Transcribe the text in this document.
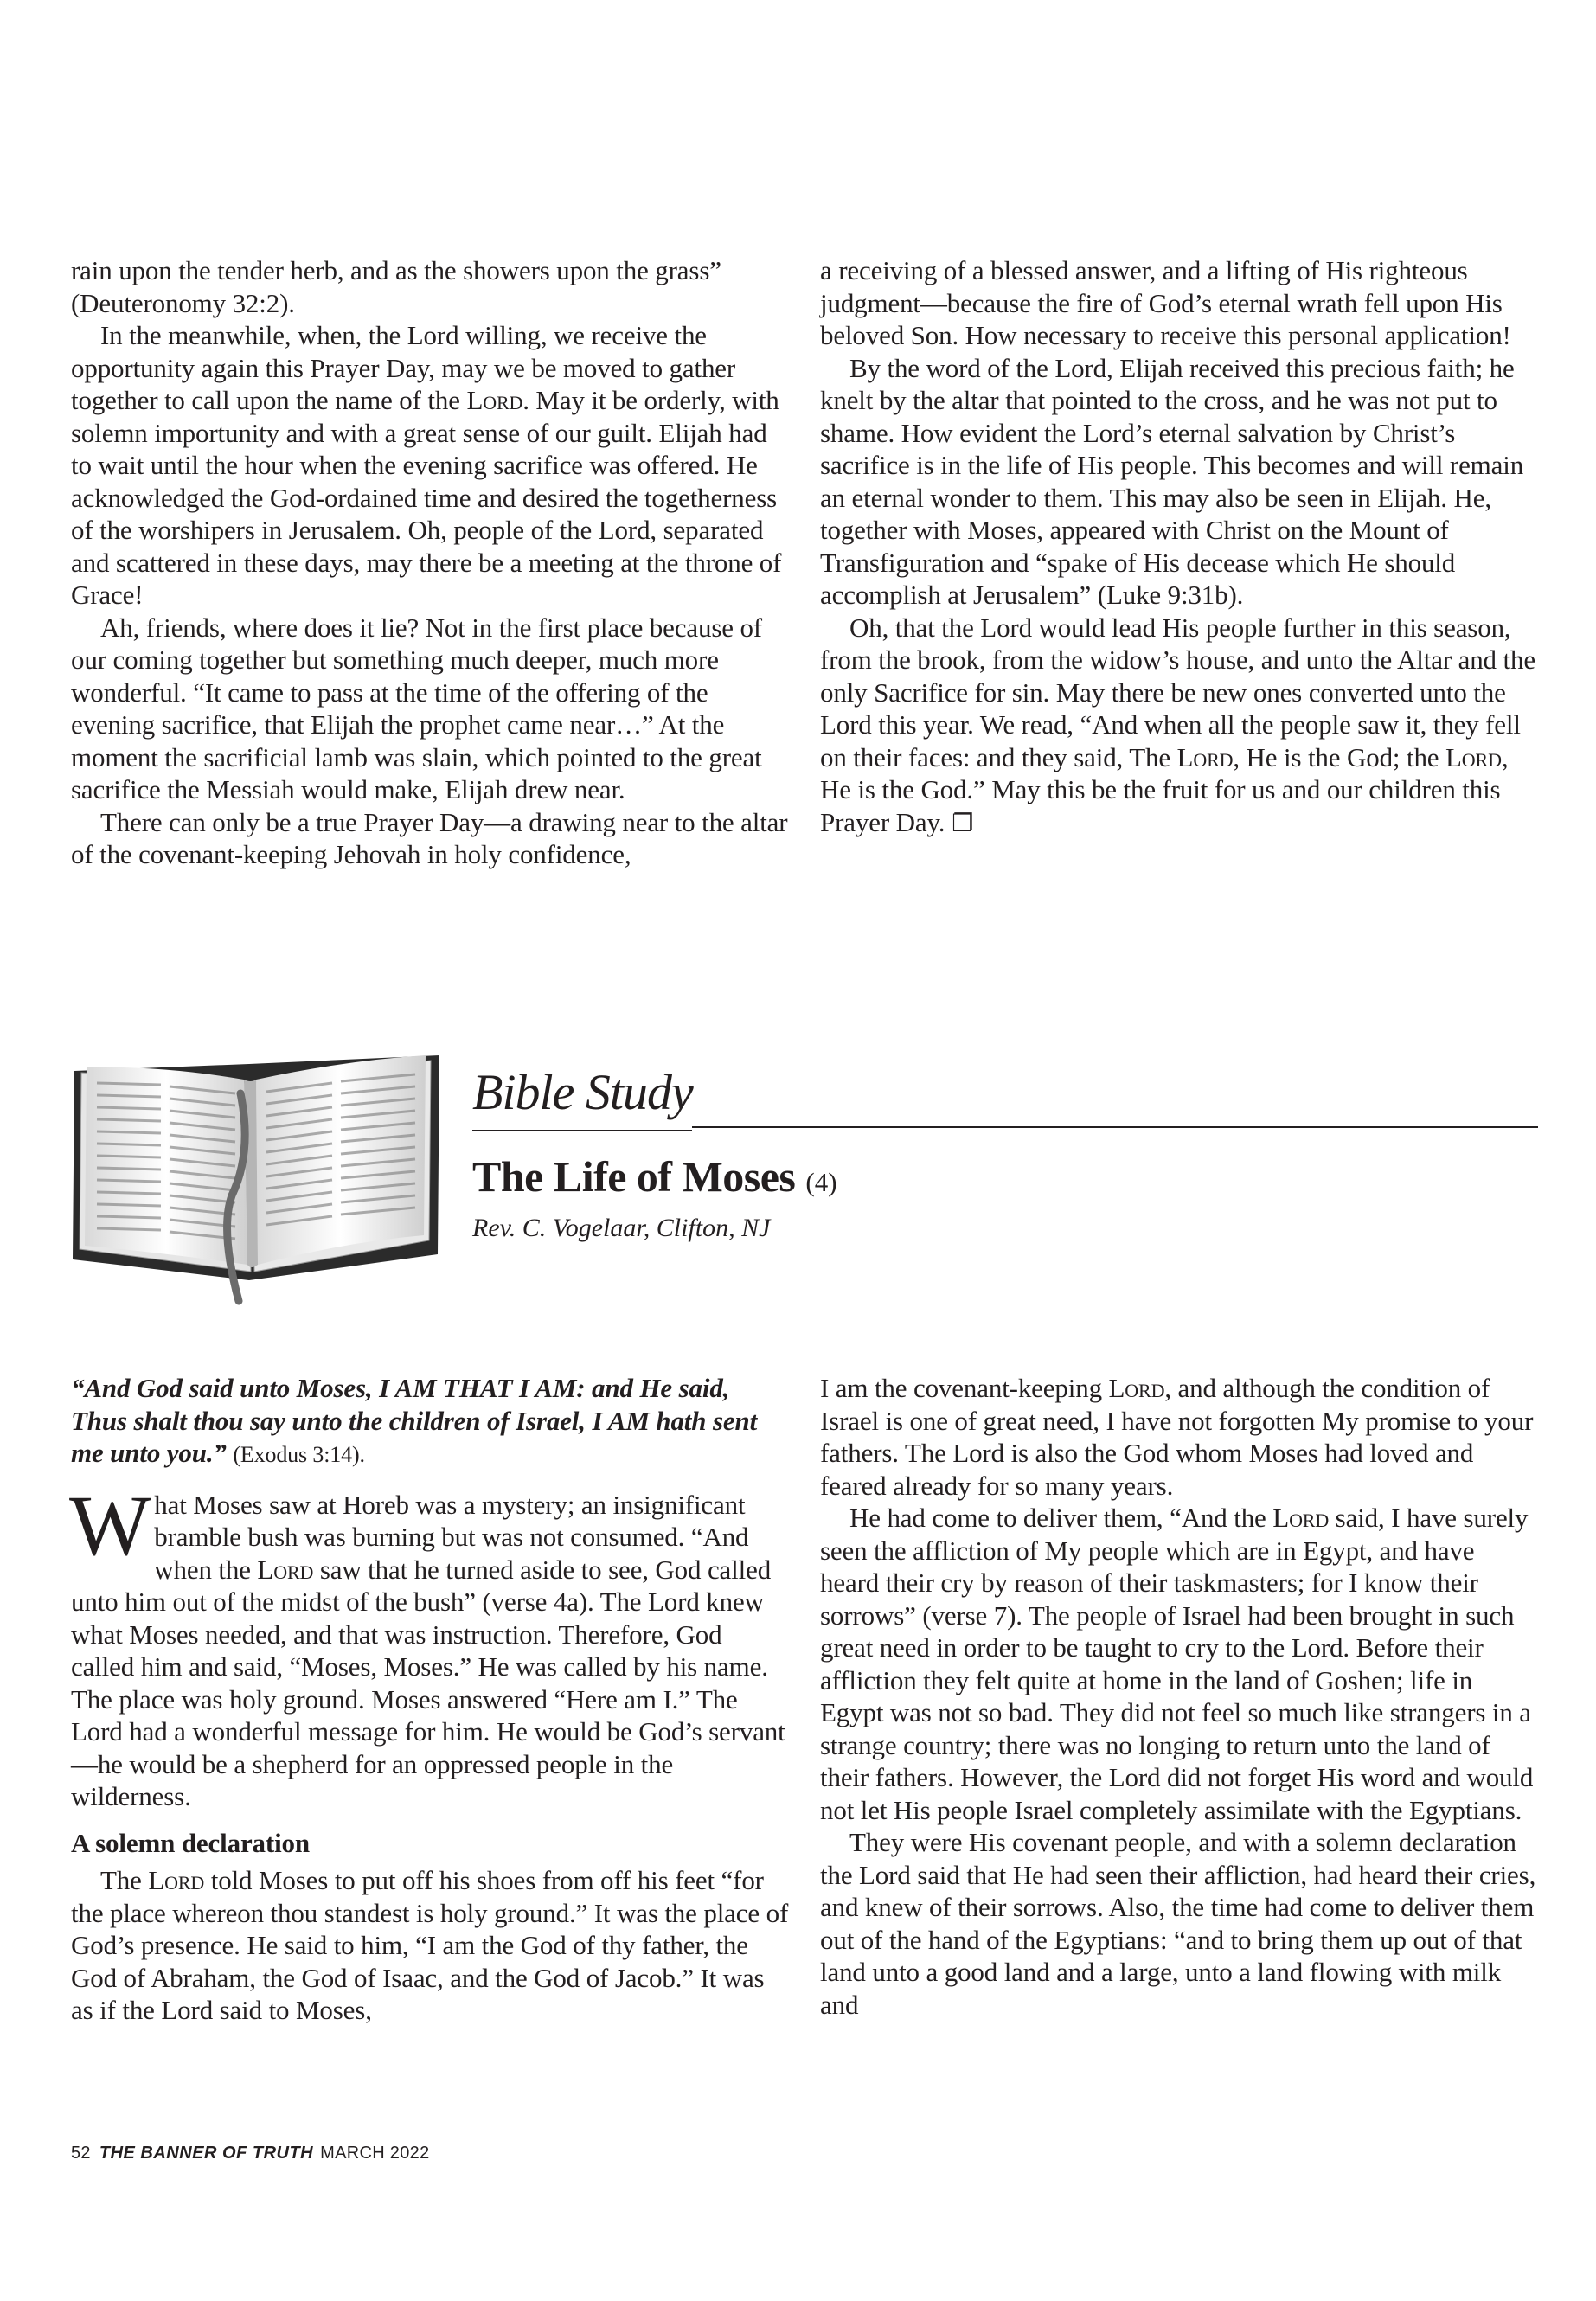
rain upon the tender herb, and as the showers upon the grass” (Deuteronomy 32:2).

In the meanwhile, when, the Lord willing, we receive the opportunity again this Prayer Day, may we be moved to gather together to call upon the name of the Lord. May it be orderly, with solemn importunity and with a great sense of our guilt. Elijah had to wait until the hour when the evening sacrifice was offered. He acknowledged the God-ordained time and desired the togetherness of the worshipers in Jerusalem. Oh, people of the Lord, separated and scattered in these days, may there be a meeting at the throne of Grace!

Ah, friends, where does it lie? Not in the first place because of our coming together but something much deeper, much more wonderful. “It came to pass at the time of the offering of the evening sacrifice, that Elijah the prophet came near…” At the moment the sacrificial lamb was slain, which pointed to the great sacrifice the Messiah would make, Elijah drew near.

There can only be a true Prayer Day—a drawing near to the altar of the covenant-keeping Jehovah in holy confidence,

a receiving of a blessed answer, and a lifting of His righteous judgment—because the fire of God’s eternal wrath fell upon His beloved Son. How necessary to receive this personal application!

By the word of the Lord, Elijah received this precious faith; he knelt by the altar that pointed to the cross, and he was not put to shame. How evident the Lord’s eternal salvation by Christ’s sacrifice is in the life of His people. This becomes and will remain an eternal wonder to them. This may also be seen in Elijah. He, together with Moses, appeared with Christ on the Mount of Transfiguration and “spake of His decease which He should accomplish at Jerusalem” (Luke 9:31b).

Oh, that the Lord would lead His people further in this season, from the brook, from the widow’s house, and unto the Altar and the only Sacrifice for sin. May there be new ones converted unto the Lord this year. We read, “And when all the people saw it, they fell on their faces: and they said, The Lord, He is the God; the Lord, He is the God.” May this be the fruit for us and our children this Prayer Day. ❐

Bible Study
The Life of Moses (4)
Rev. C. Vogelaar, Clifton, NJ

“And God said unto Moses, I AM THAT I AM: and He said, Thus shalt thou say unto the children of Israel, I AM hath sent me unto you.” (Exodus 3:14).

What Moses saw at Horeb was a mystery; an insignificant bramble bush was burning but was not consumed. “And when the Lord saw that he turned aside to see, God called unto him out of the midst of the bush” (verse 4a). The Lord knew what Moses needed, and that was instruction. Therefore, God called him and said, “Moses, Moses.” He was called by his name. The place was holy ground. Moses answered “Here am I.” The Lord had a wonderful message for him. He would be God’s servant—he would be a shepherd for an oppressed people in the wilderness.

A solemn declaration

The Lord told Moses to put off his shoes from off his feet “for the place whereon thou standest is holy ground.” It was the place of God’s presence. He said to him, “I am the God of thy father, the God of Abraham, the God of Isaac, and the God of Jacob.” It was as if the Lord said to Moses,

I am the covenant-keeping Lord, and although the condition of Israel is one of great need, I have not forgotten My promise to your fathers. The Lord is also the God whom Moses had loved and feared already for so many years.

He had come to deliver them, “And the Lord said, I have surely seen the affliction of My people which are in Egypt, and have heard their cry by reason of their taskmasters; for I know their sorrows” (verse 7). The people of Israel had been brought in such great need in order to be taught to cry to the Lord. Before their affliction they felt quite at home in the land of Goshen; life in Egypt was not so bad. They did not feel so much like strangers in a strange country; there was no longing to return unto the land of their fathers. However, the Lord did not forget His word and would not let His people Israel completely assimilate with the Egyptians.

They were His covenant people, and with a solemn declaration the Lord said that He had seen their affliction, had heard their cries, and knew of their sorrows. Also, the time had come to deliver them out of the hand of the Egyptians: “and to bring them up out of that land unto a good land and a large, unto a land flowing with milk and

52 THE BANNER OF TRUTH MARCH 2022
